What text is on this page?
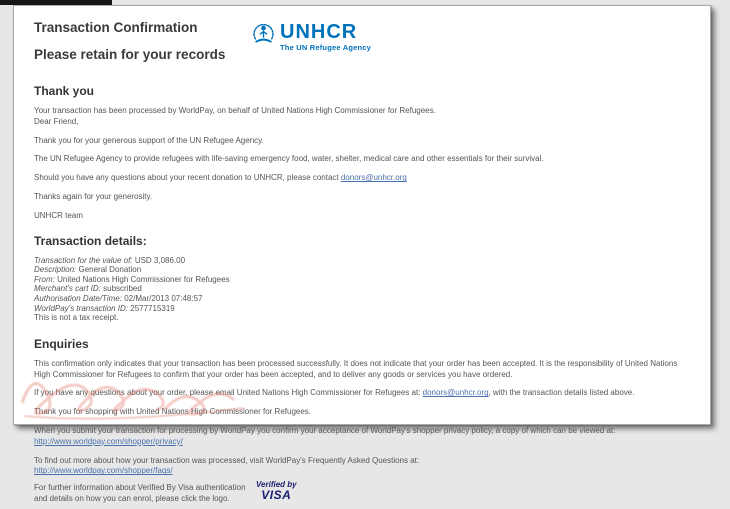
Transaction Confirmation
Please retain for your records
UNHCR
The UN Refugee Agency
Thank you
Your transaction has been processed by WorldPay, on behalf of United Nations High Commissioner for Refugees.
Dear Friend,

Thank you for your generous support of the UN Refugee Agency.

The UN Refugee Agency to provide refugees with life-saving emergency food, water, shelter, medical care and other essentials for their survival.

Should you have any questions about your recent donation to UNHCR, please contact donors@unhcr.org

Thanks again for your generosity.

UNHCR team

Transaction details:
Transaction for the value of: USD 3,086.00
Description: General Donation
From: United Nations High Commissioner for Refugees
Merchant's cart ID: subscribed
Authorisation Date/Time: 02/Mar/2013 07:48:57
WorldPay's transaction ID: 2577715319
This is not a tax receipt.
Enquiries

This confirmation only indicates that your transaction has been processed successfully. It does not indicate that your order has been accepted. It is the responsibility of United Nations High Commissioner for Refugees to confirm that your order has been accepted, and to deliver any goods or services you have ordered.

If you have any questions about your order, please email United Nations High Commissioner for Refugees at: donors@unhcr.org, with the transaction details listed above.

Thank you for shopping with United Nations High Commissioner for Refugees.

When you submit your transaction for processing by WorldPay you confirm your acceptance of WorldPay's shopper privacy policy, a copy of which can be viewed at: http://www.worldpay.com/shopper/privacy/

To find out more about how your transaction was processed, visit WorldPay's Frequently Asked Questions at:
http://www.worldpay.com/shopper/faqs/
For further information about Verified By Visa authentication
and details on how you can enrol, please click the logo.
Verified by
VISA
